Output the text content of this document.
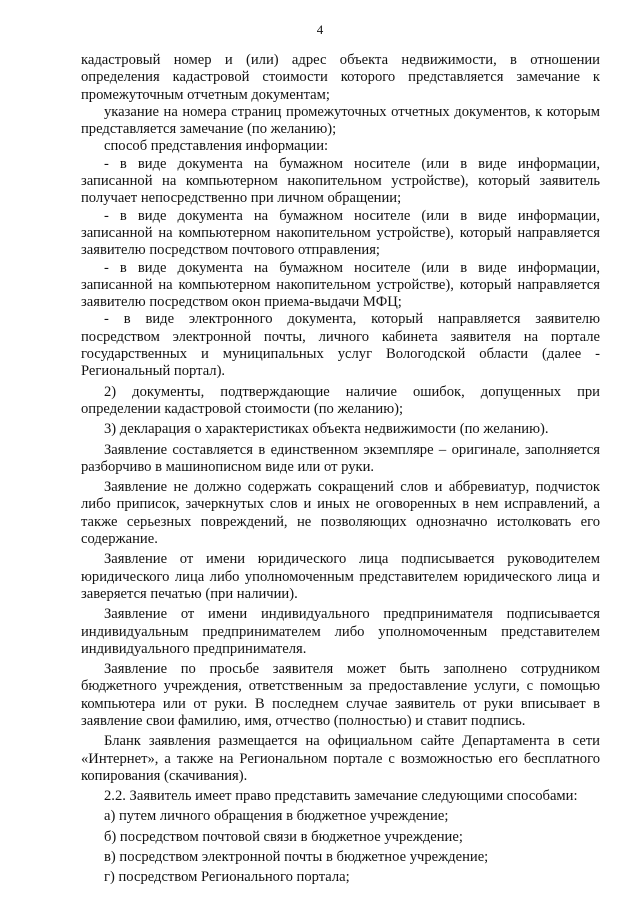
4

кадастровый номер и (или) адрес объекта недвижимости, в отношении определения кадастровой стоимости которого представляется замечание к промежуточным отчетным документам;

указание на номера страниц промежуточных отчетных документов, к которым представляется замечание (по желанию);

способ представления информации:

- в виде документа на бумажном носителе (или в виде информации, записанной на компьютерном накопительном устройстве), который заявитель получает непосредственно при личном обращении;

- в виде документа на бумажном носителе (или в виде информации, записанной на компьютерном накопительном устройстве), который направляется заявителю посредством почтового отправления;

- в виде документа на бумажном носителе (или в виде информации, записанной на компьютерном накопительном устройстве), который направляется заявителю посредством окон приема-выдачи МФЦ;

- в виде электронного документа, который направляется заявителю посредством электронной почты, личного кабинета заявителя на портале государственных и муниципальных услуг Вологодской области (далее - Региональный портал).

2) документы, подтверждающие наличие ошибок, допущенных при определении кадастровой стоимости (по желанию);

3) декларация о характеристиках объекта недвижимости (по желанию).

Заявление составляется в единственном экземпляре – оригинале, заполняется разборчиво в машинописном виде или от руки.

Заявление не должно содержать сокращений слов и аббревиатур, подчисток либо приписок, зачеркнутых слов и иных не оговоренных в нем исправлений, а также серьезных повреждений, не позволяющих однозначно истолковать его содержание.

Заявление от имени юридического лица подписывается руководителем юридического лица либо уполномоченным представителем юридического лица и заверяется печатью (при наличии).

Заявление от имени индивидуального предпринимателя подписывается индивидуальным предпринимателем либо уполномоченным представителем индивидуального предпринимателя.

Заявление по просьбе заявителя может быть заполнено сотрудником бюджетного учреждения, ответственным за предоставление услуги, с помощью компьютера или от руки. В последнем случае заявитель от руки вписывает в заявление свои фамилию, имя, отчество (полностью) и ставит подпись.

Бланк заявления размещается на официальном сайте Департамента в сети «Интернет», а также на Региональном портале с возможностью его бесплатного копирования (скачивания).

2.2. Заявитель имеет право представить замечание следующими способами:

а) путем личного обращения в бюджетное учреждение;

б) посредством почтовой связи в бюджетное учреждение;

в) посредством электронной почты в бюджетное учреждение;

г) посредством Регионального портала;
